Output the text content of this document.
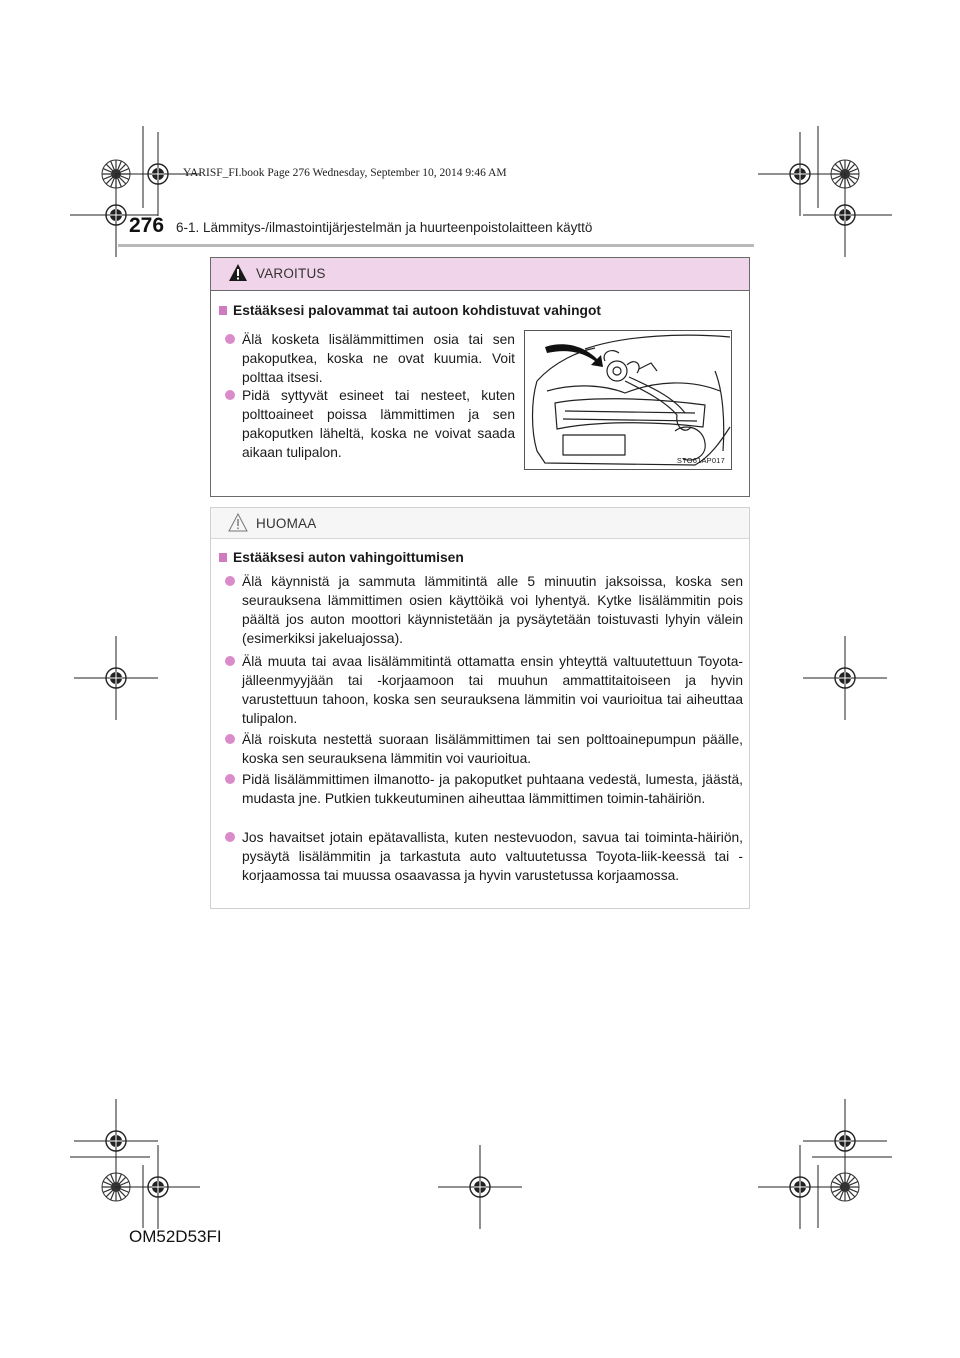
YARISF_FI.book Page 276 Wednesday, September 10, 2014 9:46 AM
276 6-1. Lämmitys-/ilmastointijärjestelmän ja huurteenpoistolaitteen käyttö
VAROITUS
Estääksesi palovammat tai autoon kohdistuvat vahingot
Älä kosketa lisälämmittimen osia tai sen pakoputkea, koska ne ovat kuumia. Voit polttaa itsesi.
Pidä syttyvät esineet tai nesteet, kuten polttoaineet poissa lämmittimen ja sen pakoputken läheltä, koska ne voivat saada aikaan tulipalon.
STO61AP017
HUOMAA
Estääksesi auton vahingoittumisen
Älä käynnistä ja sammuta lämmitintä alle 5 minuutin jaksoissa, koska sen seurauksena lämmittimen osien käyttöikä voi lyhentyä. Kytke lisälämmitin pois päältä jos auton moottori käynnistetään ja pysäytetään toistuvasti lyhyin välein (esimerkiksi jakeluajossa).
Älä muuta tai avaa lisälämmitintä ottamatta ensin yhteyttä valtuutettuun Toyota-jälleenmyyjään tai -korjaamoon tai muuhun ammattitaitoiseen ja hyvin varustettuun tahoon, koska sen seurauksena lämmitin voi vaurioitua tai aiheuttaa tulipalon.
Älä roiskuta nestettä suoraan lisälämmittimen tai sen polttoainepumpun päälle, koska sen seurauksena lämmitin voi vaurioitua.
Pidä lisälämmittimen ilmanotto- ja pakoputket puhtaana vedestä, lumesta, jäästä, mudasta jne. Putkien tukkeutuminen aiheuttaa lämmittimen toimin-tahäiriön.
Jos havaitset jotain epätavallista, kuten nestevuodon, savua tai toiminta-häiriön, pysäytä lisälämmitin ja tarkastuta auto valtuutetussa Toyota-liik-keessä tai -korjaamossa tai muussa osaavassa ja hyvin varustetussa korjaamossa.
OM52D53FI
